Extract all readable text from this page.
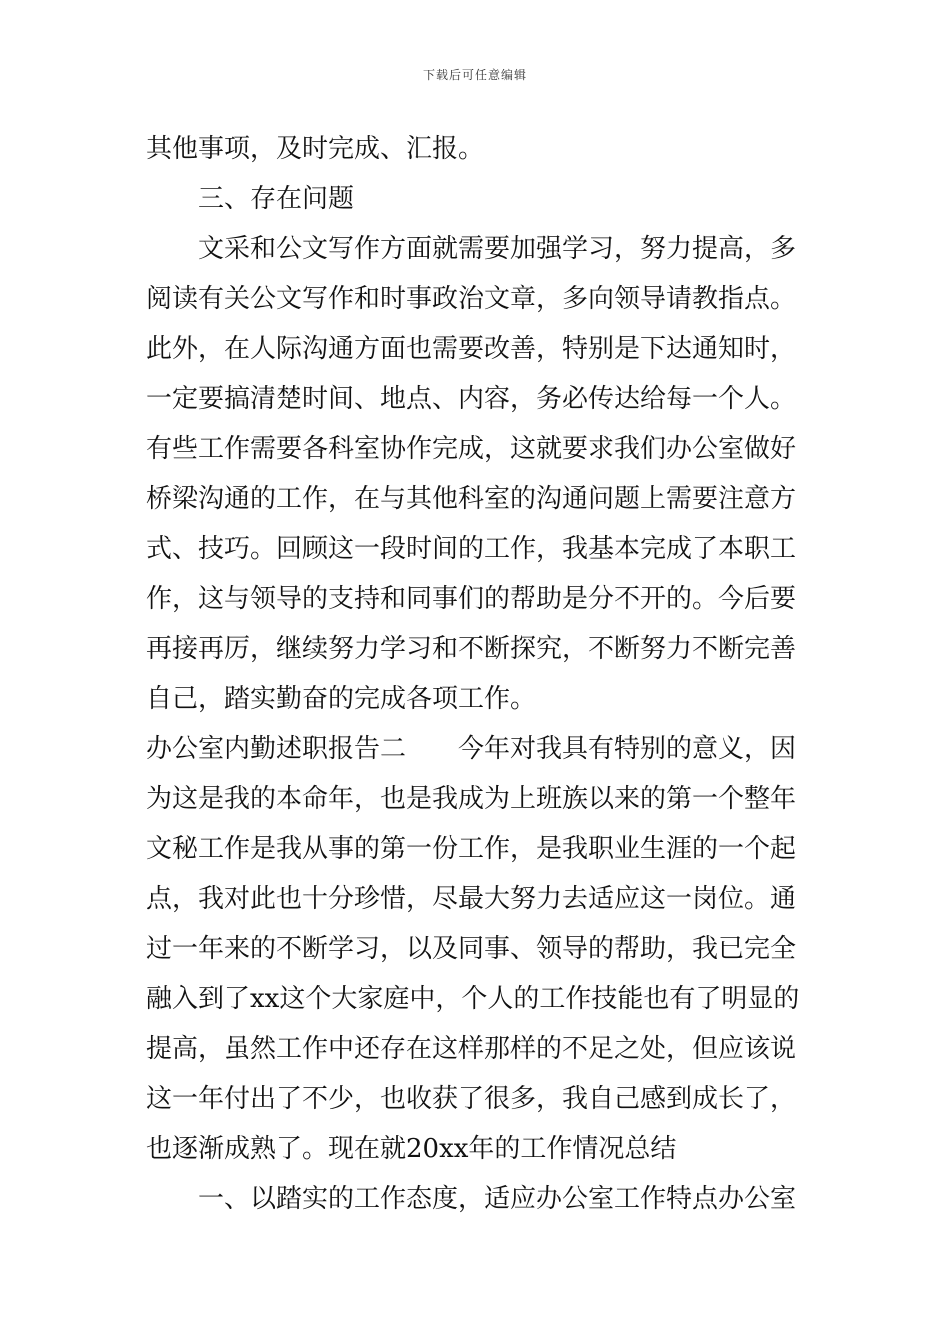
下载后可任意编辑
其他事项，及时完成、汇报。
三、存在问题
文采和公文写作方面就需要加强学习，努力提高，多
阅读有关公文写作和时事政治文章，多向领导请教指点。
此外，在人际沟通方面也需要改善，特别是下达通知时，
一定要搞清楚时间、地点、内容，务必传达给每一个人。
有些工作需要各科室协作完成，这就要求我们办公室做好
桥梁沟通的工作，在与其他科室的沟通问题上需要注意方
式、技巧。回顾这一段时间的工作，我基本完成了本职工
作，这与领导的支持和同事们的帮助是分不开的。今后要
再接再厉，继续努力学习和不断探究，不断努力不断完善
自己，踏实勤奋的完成各项工作。
办公室内勤述职报告二　　今年对我具有特别的意义，因
为这是我的本命年，也是我成为上班族以来的第一个整年
文秘工作是我从事的第一份工作，是我职业生涯的一个起
点，我对此也十分珍惜，尽最大努力去适应这一岗位。通
过一年来的不断学习，以及同事、领导的帮助，我已完全
融入到了xx这个大家庭中，个人的工作技能也有了明显的
提高，虽然工作中还存在这样那样的不足之处，但应该说
这一年付出了不少，也收获了很多，我自己感到成长了，
也逐渐成熟了。现在就20xx年的工作情况总结
一、以踏实的工作态度，适应办公室工作特点办公室
